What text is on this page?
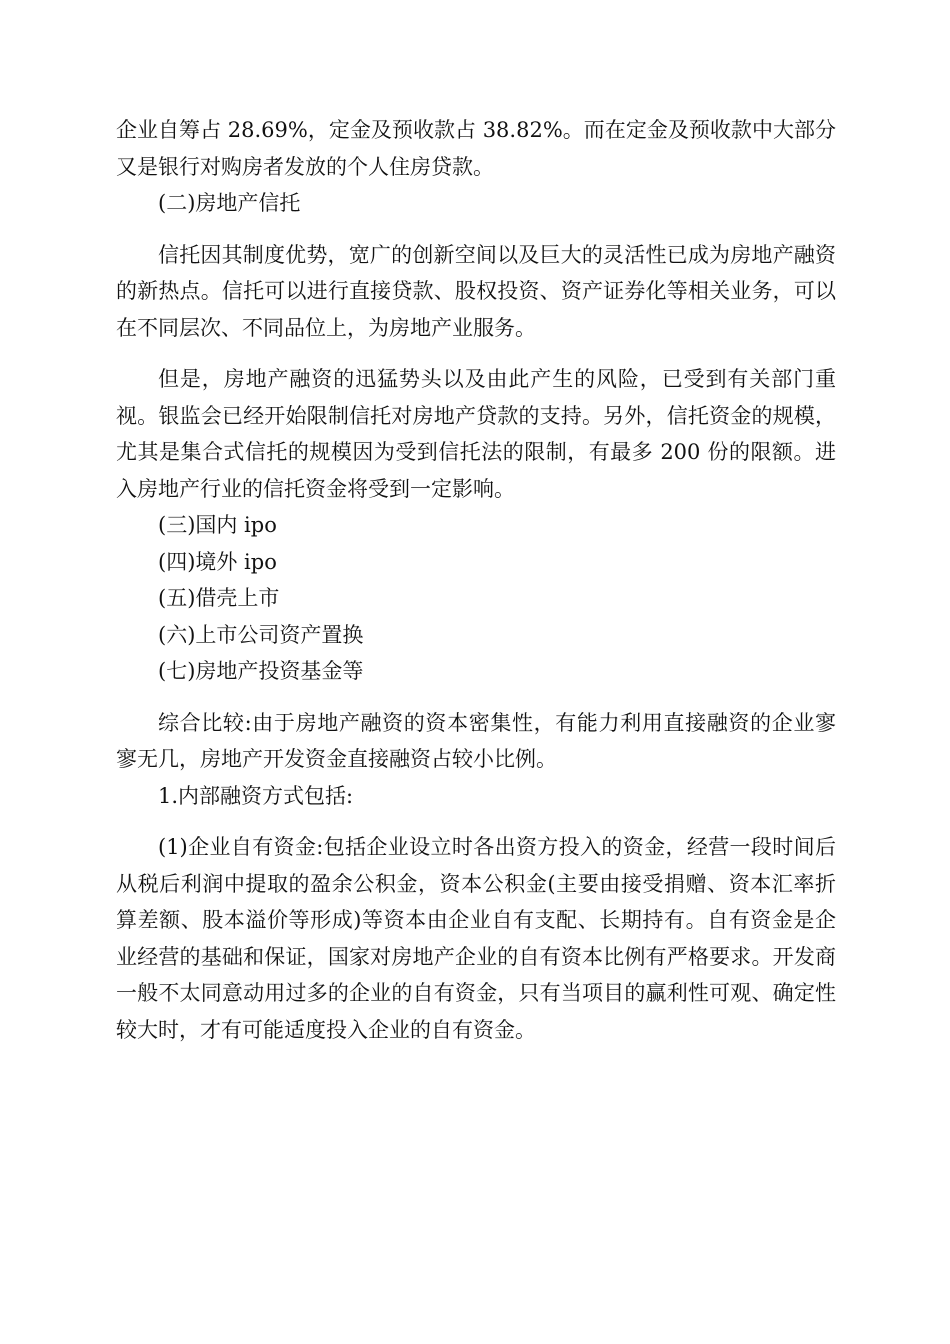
企业自筹占 28.69%，定金及预收款占 38.82%。而在定金及预收款中大部分又是银行对购房者发放的个人住房贷款。

(二)房地产信托

信托因其制度优势，宽广的创新空间以及巨大的灵活性已成为房地产融资的新热点。信托可以进行直接贷款、股权投资、资产证券化等相关业务，可以在不同层次、不同品位上，为房地产业服务。

但是，房地产融资的迅猛势头以及由此产生的风险，已受到有关部门重视。银监会已经开始限制信托对房地产贷款的支持。另外，信托资金的规模，尤其是集合式信托的规模因为受到信托法的限制，有最多 200 份的限额。进入房地产行业的信托资金将受到一定影响。

(三)国内 ipo

(四)境外 ipo

(五)借壳上市

(六)上市公司资产置换

(七)房地产投资基金等

综合比较:由于房地产融资的资本密集性，有能力利用直接融资的企业寥寥无几，房地产开发资金直接融资占较小比例。

1.内部融资方式包括:

(1)企业自有资金:包括企业设立时各出资方投入的资金，经营一段时间后从税后利润中提取的盈余公积金，资本公积金(主要由接受捐赠、资本汇率折算差额、股本溢价等形成)等资本由企业自有支配、长期持有。自有资金是企业经营的基础和保证，国家对房地产企业的自有资本比例有严格要求。开发商一般不太同意动用过多的企业的自有资金，只有当项目的赢利性可观、确定性较大时，才有可能适度投入企业的自有资金。
